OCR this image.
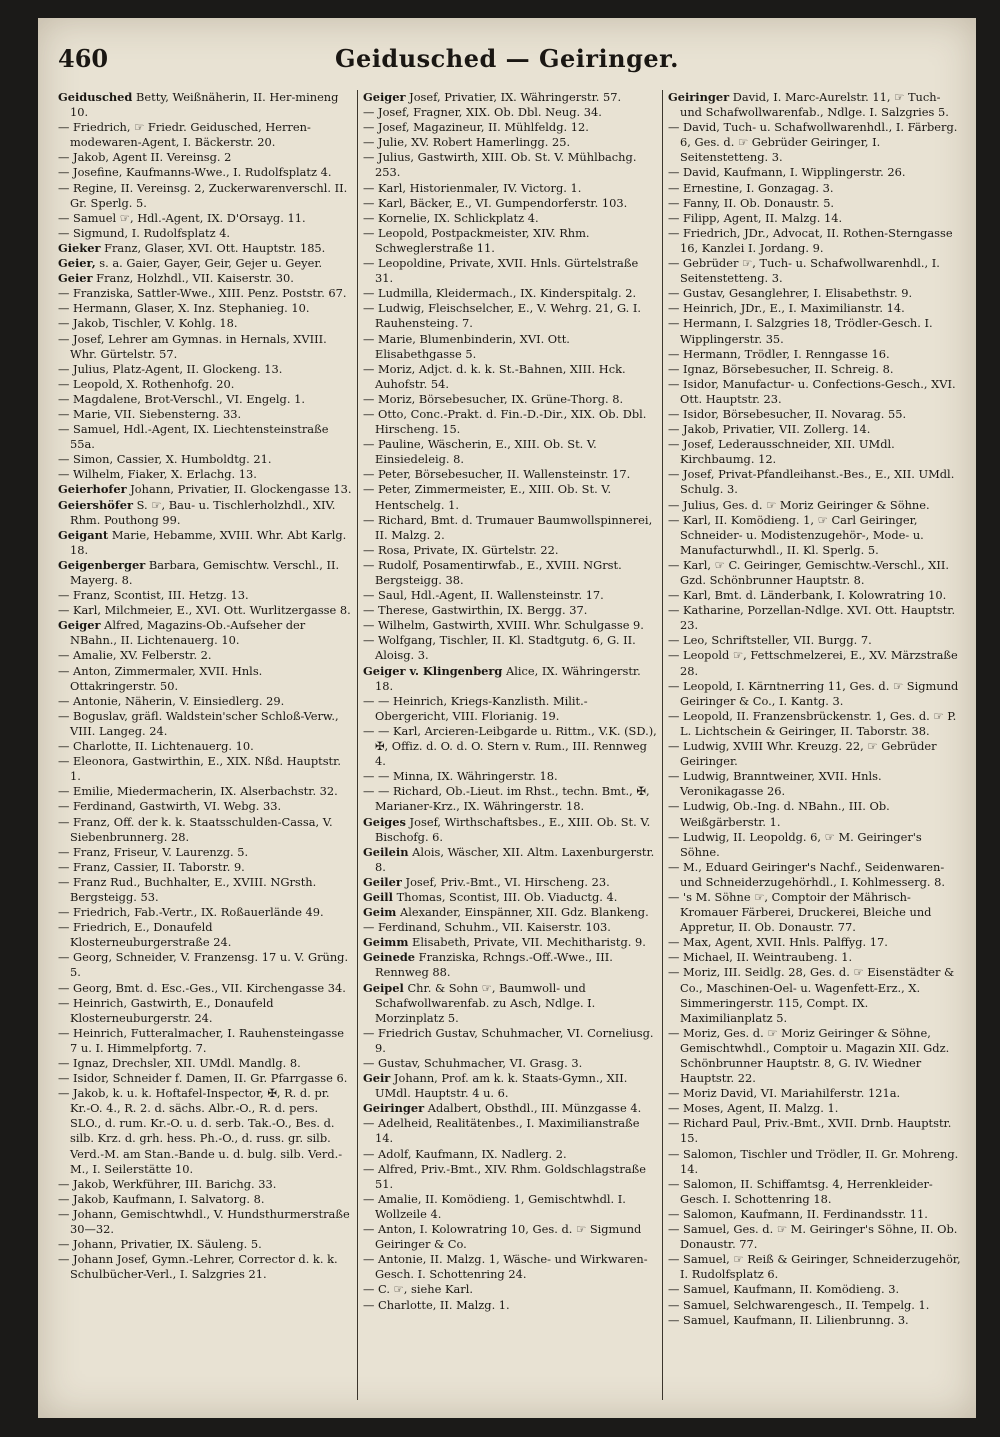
460	Geidusched — Geiringer.
Geidusched Betty, Weißnäherin, II. Her-mineng 10.
— Friedrich, ☞ Friedr. Geidusched, Herren-modewaren-Agent, I. Bäckerstr. 20.
— Jakob, Agent II. Vereinsg. 2
— Josefine, Kaufmanns-Wwe., I. Rudolfsplatz 4.
— Regine, II. Vereinsg. 2, Zuckerwarenverschl. II. Gr. Sperlg. 5.
— Samuel ☞, Hdl.-Agent, IX. D'Orsayg. 11.
— Sigmund, I. Rudolfsplatz 4.
Gieker Franz, Glaser, XVI. Ott. Hauptstr. 185.
Geier, s. a. Gaier, Gayer, Geir, Gejer u. Geyer.
Geier Franz, Holzhdl., VII. Kaiserstr. 30.
— Franziska, Sattler-Wwe., XIII. Penz. Poststr. 67.
— Hermann, Glaser, X. Inz. Stephanieg. 10.
— Jakob, Tischler, V. Kohlg. 18.
— Josef, Lehrer am Gymnas. in Hernals, XVIII. Whr. Gürtelstr. 57.
— Julius, Platz-Agent, II. Glockeng. 13.
— Leopold, X. Rothenhofg. 20.
— Magdalene, Brot-Verschl., VI. Engelg. 1.
— Marie, VII. Siebensterng. 33.
— Samuel, Hdl.-Agent, IX. Liechtensteinstraße 55a.
— Simon, Cassier, X. Humboldtg. 21.
— Wilhelm, Fiaker, X. Erlachg. 13.
Geierhofer Johann, Privatier, II. Glockengasse 13.
Geiershöfer S. ☞, Bau- u. Tischlerholzhdl., XIV. Rhm. Pouthong 99.
Geigant Marie, Hebamme, XVIII. Whr. Abt Karlg. 18.
Geigenberger Barbara, Gemischtw. Verschl., II. Mayerg. 8.
— Franz, Scontist, III. Hetzg. 13.
— Karl, Milchmeier, E., XVI. Ott. Wurlitzergasse 8.
Geiger Alfred, Magazins-Ob.-Aufseher der NBahn., II. Lichtenauerg. 10.
— Amalie, XV. Felberstr. 2.
— Anton, Zimmermaler, XVII. Hnls. Ottakringerstr. 50.
— Antonie, Näherin, V. Einsiedlerg. 29.
— Boguslav, gräfl. Waldstein'scher Schloß-Verw., VIII. Langeg. 24.
— Charlotte, II. Lichtenauerg. 10.
— Eleonora, Gastwirthin, E., XIX. Nßd. Hauptstr. 1.
— Emilie, Miedermacherin, IX. Alserbachstr. 32.
— Ferdinand, Gastwirth, VI. Webg. 33.
— Franz, Off. der k. k. Staatsschulden-Cassa, V. Siebenbrunnerg. 28.
— Franz, Friseur, V. Laurenzg. 5.
— Franz, Cassier, II. Taborstr. 9.
— Franz Rud., Buchhalter, E., XVIII. NGrsth. Bergsteigg. 53.
— Friedrich, Fab.-Vertr., IX. Roßauerlände 49.
— Friedrich, E., Donaufeld Klosterneuburgerstraße 24.
— Georg, Schneider, V. Franzensg. 17 u. V. Grüng. 5.
— Georg, Bmt. d. Esc.-Ges., VII. Kirchengasse 34.
— Heinrich, Gastwirth, E., Donaufeld Klosterneuburgerstr. 24.
— Heinrich, Futteralmacher, I. Rauhensteingasse 7 u. I. Himmelpfortg. 7.
— Ignaz, Drechsler, XII. UMdl. Mandlg. 8.
— Isidor, Schneider f. Damen, II. Gr. Pfarrgasse 6.
— Jakob, k. u. k. Hoftafel-Inspector, ✠, R. d. pr. Kr.-O. 4., R. 2. d. sächs. Albr.-O., R. d. pers. SLO., d. rum. Kr.-O. u. d. serb. Tak.-O., Bes. d. silb. Krz. d. grh. hess. Ph.-O., d. russ. gr. silb. Verd.-M. am Stan.-Bande u. d. bulg. silb. Verd.-M., I. Seilerstätte 10.
— Jakob, Werkführer, III. Barichg. 33.
— Jakob, Kaufmann, I. Salvatorg. 8.
— Johann, Gemischtwhdl., V. Hundsthurmerstraße 30—32.
— Johann, Privatier, IX. Säuleng. 5.
— Johann Josef, Gymn.-Lehrer, Corrector d. k. k. Schulbücher-Verl., I. Salzgries 21.
Geiger Josef, Privatier, IX. Währingerstr. 57.
— Josef, Fragner, XIX. Ob. Dbl. Neug. 34.
— Josef, Magazineur, II. Mühlfeldg. 12.
— Julie, XV. Robert Hamerlingg. 25.
— Julius, Gastwirth, XIII. Ob. St. V. Mühlbachg. 253.
— Karl, Historienmaler, IV. Victorg. 1.
— Karl, Bäcker, E., VI. Gumpendorferstr. 103.
— Kornelie, IX. Schlickplatz 4.
— Leopold, Postpackmeister, XIV. Rhm. Schweglerstraße 11.
— Leopoldine, Private, XVII. Hnls. Gürtelstraße 31.
— Ludmilla, Kleidermach., IX. Kinderspitalg. 2.
— Ludwig, Fleischselcher, E., V. Wehrg. 21, G. I. Rauhensteing. 7.
— Marie, Blumenbinderin, XVI. Ott. Elisabethgasse 5.
— Moriz, Adjct. d. k. k. St.-Bahnen, XIII. Hck. Auhofstr. 54.
— Moriz, Börsebesucher, IX. Grüne-Thorg. 8.
— Otto, Conc.-Prakt. d. Fin.-D.-Dir., XIX. Ob. Dbl. Hirscheng. 15.
— Pauline, Wäscherin, E., XIII. Ob. St. V. Einsiedeleig. 8.
— Peter, Börsebesucher, II. Wallensteinstr. 17.
— Peter, Zimmermeister, E., XIII. Ob. St. V. Hentschelg. 1.
— Richard, Bmt. d. Trumauer Baumwollspinnerei, II. Malzg. 2.
— Rosa, Private, IX. Gürtelstr. 22.
— Rudolf, Posamentirwfab., E., XVIII. NGrst. Bergsteigg. 38.
— Saul, Hdl.-Agent, II. Wallensteinstr. 17.
— Therese, Gastwirthin, IX. Bergg. 37.
— Wilhelm, Gastwirth, XVIII. Whr. Schulgasse 9.
— Wolfgang, Tischler, II. Kl. Stadtgutg. 6, G. II. Aloisg. 3.
Geiger v. Klingenberg Alice, IX. Währingerstr. 18.
— — Heinrich, Kriegs-Kanzlisth. Milit.-Obergericht, VIII. Florianig. 19.
— — Karl, Arcieren-Leibgarde u. Rittm., V.K. (SD.), ✠, Offiz. d. O. d. O. Stern v. Rum., III. Rennweg 4.
— — Minna, IX. Währingerstr. 18.
— — Richard, Ob.-Lieut. im Rhst., techn. Bmt., ✠, Marianer-Krz., IX. Währingerstr. 18.
Geiges Josef, Wirthschaftsbes., E., XIII. Ob. St. V. Bischofg. 6.
Geilein Alois, Wäscher, XII. Altm. Laxenburgerstr. 8.
Geiler Josef, Priv.-Bmt., VI. Hirscheng. 23.
Geill Thomas, Scontist, III. Ob. Viaductg. 4.
Geim Alexander, Einspänner, XII. Gdz. Blankeng.
— Ferdinand, Schuhm., VII. Kaiserstr. 103.
Geimm Elisabeth, Private, VII. Mechitharistg. 9.
Geinede Franziska, Rchngs.-Off.-Wwe., III. Rennweg 88.
Geipel Chr. & Sohn ☞, Baumwoll- und Schafwollwarenfab. zu Asch, Ndlge. I. Morzinplatz 5.
— Friedrich Gustav, Schuhmacher, VI. Corneliusg. 9.
— Gustav, Schuhmacher, VI. Grasg. 3.
Geir Johann, Prof. am k. k. Staats-Gymn., XII. UMdl. Hauptstr. 4 u. 6.
Geiringer Adalbert, Obsthdl., III. Münzgasse 4.
— Adelheid, Realitätenbes., I. Maximilianstraße 14.
— Adolf, Kaufmann, IX. Nadlerg. 2.
— Alfred, Priv.-Bmt., XIV. Rhm. Goldschlagstraße 51.
— Amalie, II. Komödieng. 1, Gemischtwhdl. I. Wollzeile 4.
— Anton, I. Kolowratring 10, Ges. d. ☞ Sigmund Geiringer & Co.
— Antonie, II. Malzg. 1, Wäsche- und Wirkwaren-Gesch. I. Schottenring 24.
— C. ☞, siehe Karl.
— Charlotte, II. Malzg. 1.
Geiringer David, I. Marc-Aurelstr. 11, ☞ Tuch- und Schafwollwarenfab., Ndlge. I. Salzgries 5.
— David, Tuch- u. Schafwollwarenhdl., I. Färberg. 6, Ges. d. ☞ Gebrüder Geiringer, I. Seitenstetteng. 3.
— David, Kaufmann, I. Wipplingerstr. 26.
— Ernestine, I. Gonzagag. 3.
— Fanny, II. Ob. Donaustr. 5.
— Filipp, Agent, II. Malzg. 14.
— Friedrich, JDr., Advocat, II. Rothen-Sterngasse 16, Kanzlei I. Jordang. 9.
— Gebrüder ☞, Tuch- u. Schafwollwarenhdl., I. Seitenstetteng. 3.
— Gustav, Gesanglehrer, I. Elisabethstr. 9.
— Heinrich, JDr., E., I. Maximilianstr. 14.
— Hermann, I. Salzgries 18, Trödler-Gesch. I. Wipplingerstr. 35.
— Hermann, Trödler, I. Renngasse 16.
— Ignaz, Börsebesucher, II. Schreig. 8.
— Isidor, Manufactur- u. Confections-Gesch., XVI. Ott. Hauptstr. 23.
— Isidor, Börsebesucher, II. Novarag. 55.
— Jakob, Privatier, VII. Zollerg. 14.
— Josef, Lederausschneider, XII. UMdl. Kirchbaumg. 12.
— Josef, Privat-Pfandleihanst.-Bes., E., XII. UMdl. Schulg. 3.
— Julius, Ges. d. ☞ Moriz Geiringer & Söhne.
— Karl, II. Komödieng. 1, ☞ Carl Geiringer, Schneider- u. Modistenzugehör-, Mode- u. Manufacturwhdl., II. Kl. Sperlg. 5.
— Karl, ☞ C. Geiringer, Gemischtw.-Verschl., XII. Gzd. Schönbrunner Hauptstr. 8.
— Karl, Bmt. d. Länderbank, I. Kolowratring 10.
— Katharine, Porzellan-Ndlge. XVI. Ott. Hauptstr. 23.
— Leo, Schriftsteller, VII. Burgg. 7.
— Leopold ☞, Fettschmelzerei, E., XV. Märzstraße 28.
— Leopold, I. Kärntnerring 11, Ges. d. ☞ Sigmund Geiringer & Co., I. Kantg. 3.
— Leopold, II. Franzensbrückenstr. 1, Ges. d. ☞ P. L. Lichtschein & Geiringer, II. Taborstr. 38.
— Ludwig, XVIII Whr. Kreuzg. 22, ☞ Gebrüder Geiringer.
— Ludwig, Branntweiner, XVII. Hnls. Veronikagasse 26.
— Ludwig, Ob.-Ing. d. NBahn., III. Ob. Weißgärberstr. 1.
— Ludwig, II. Leopoldg. 6, ☞ M. Geiringer's Söhne.
— M., Eduard Geiringer's Nachf., Seidenwaren- und Schneiderzugehörhdl., I. Kohlmesserg. 8.
— 's M. Söhne ☞, Comptoir der Mährisch-Kromauer Färberei, Druckerei, Bleiche und Appretur, II. Ob. Donaustr. 77.
— Max, Agent, XVII. Hnls. Palffyg. 17.
— Michael, II. Weintraubeng. 1.
— Moriz, III. Seidlg. 28, Ges. d. ☞ Eisenstädter & Co., Maschinen-Oel- u. Wagenfett-Erz., X. Simmeringerstr. 115, Compt. IX. Maximilianplatz 5.
— Moriz, Ges. d. ☞ Moriz Geiringer & Söhne, Gemischtwhdl., Comptoir u. Magazin XII. Gdz. Schönbrunner Hauptstr. 8, G. IV. Wiedner Hauptstr. 22.
— Moriz David, VI. Mariahilferstr. 121a.
— Moses, Agent, II. Malzg. 1.
— Richard Paul, Priv.-Bmt., XVII. Drnb. Hauptstr. 15.
— Salomon, Tischler und Trödler, II. Gr. Mohreng. 14.
— Salomon, II. Schiffamtsg. 4, Herrenkleider-Gesch. I. Schottenring 18.
— Salomon, Kaufmann, II. Ferdinandsstr. 11.
— Samuel, Ges. d. ☞ M. Geiringer's Söhne, II. Ob. Donaustr. 77.
— Samuel, ☞ Reiß & Geiringer, Schneiderzugehör, I. Rudolfsplatz 6.
— Samuel, Kaufmann, II. Komödieng. 3.
— Samuel, Selchwarengesch., II. Tempelg. 1.
— Samuel, Kaufmann, II. Lilienbrunng. 3.
